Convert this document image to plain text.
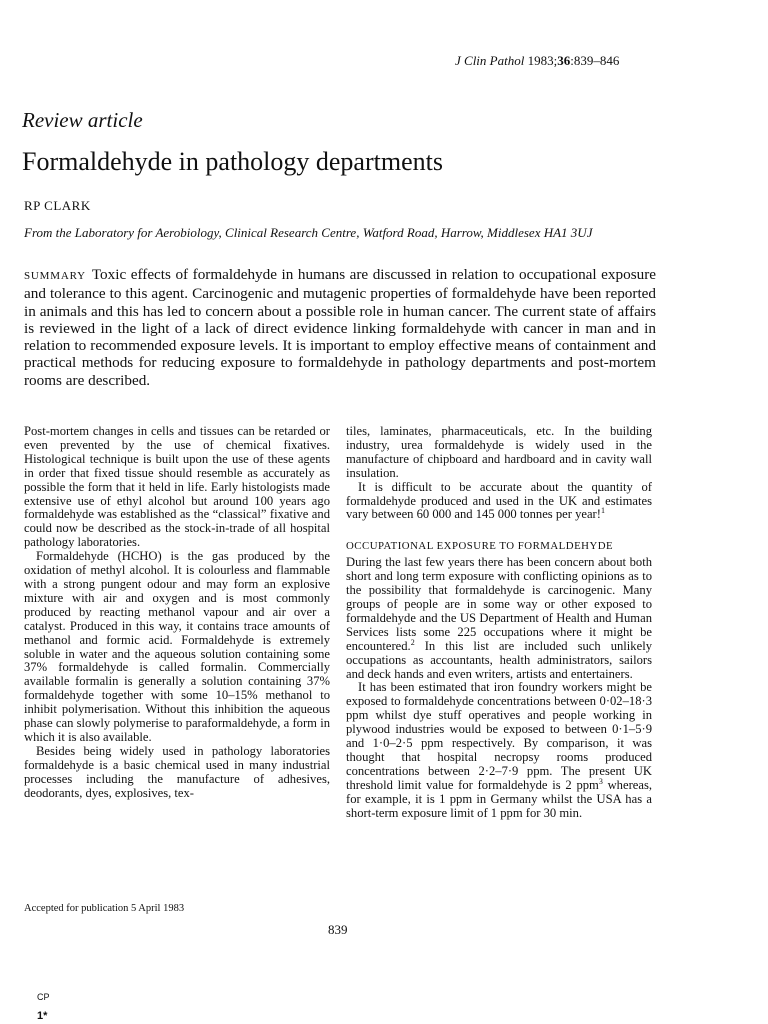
J Clin Pathol 1983;36:839–846
Review article
Formaldehyde in pathology departments
RP CLARK
From the Laboratory for Aerobiology, Clinical Research Centre, Watford Road, Harrow, Middlesex HA1 3UJ
SUMMARY Toxic effects of formaldehyde in humans are discussed in relation to occupational exposure and tolerance to this agent. Carcinogenic and mutagenic properties of formaldehyde have been reported in animals and this has led to concern about a possible role in human cancer. The current state of affairs is reviewed in the light of a lack of direct evidence linking formaldehyde with cancer in man and in relation to recommended exposure levels. It is important to employ effective means of containment and practical methods for reducing exposure to formaldehyde in pathology departments and post-mortem rooms are described.

Post-mortem changes in cells and tissues can be retarded or even prevented by the use of chemical fixatives. Histological technique is built upon the use of these agents in order that fixed tissue should resemble as accurately as possible the form that it held in life. Early histologists made extensive use of ethyl alcohol but around 100 years ago formaldehyde was established as the “classical” fixative and could now be described as the stock-in-trade of all hospital pathology laboratories.

Formaldehyde (HCHO) is the gas produced by the oxidation of methyl alcohol. It is colourless and flammable with a strong pungent odour and may form an explosive mixture with air and oxygen and is most commonly produced by reacting methanol vapour and air over a catalyst. Produced in this way, it contains trace amounts of methanol and formic acid. Formaldehyde is extremely soluble in water and the aqueous solution containing some 37% formaldehyde is called formalin. Commercially available formalin is generally a solution containing 37% formaldehyde together with some 10–15% methanol to inhibit polymerisation. Without this inhibition the aqueous phase can slowly polymerise to paraformaldehyde, a form in which it is also available.

Besides being widely used in pathology laboratories formaldehyde is a basic chemical used in many industrial processes including the manufacture of adhesives, deodorants, dyes, explosives, tex-

tiles, laminates, pharmaceuticals, etc. In the building industry, urea formaldehyde is widely used in the manufacture of chipboard and hardboard and in cavity wall insulation.

It is difficult to be accurate about the quantity of formaldehyde produced and used in the UK and estimates vary between 60 000 and 145 000 tonnes per year!$^1$

OCCUPATIONAL EXPOSURE TO FORMALDEHYDE

During the last few years there has been concern about both short and long term exposure with conflicting opinions as to the possibility that formaldehyde is carcinogenic. Many groups of people are in some way or other exposed to formaldehyde and the US Department of Health and Human Services lists some 225 occupations where it might be encountered.$^2$ In this list are included such unlikely occupations as accountants, health administrators, sailors and deck hands and even writers, artists and entertainers.

It has been estimated that iron foundry workers might be exposed to formaldehyde concentrations between 0·02–18·3 ppm whilst dye stuff operatives and people working in plywood industries would be exposed to between 0·1–5·9 and 1·0–2·5 ppm respectively. By comparison, it was thought that hospital necropsy rooms produced concentrations between 2·2–7·9 ppm. The present UK threshold limit value for formaldehyde is 2 ppm$^3$ whereas, for example, it is 1 ppm in Germany whilst the USA has a short-term exposure limit of 1 ppm for 30 min.

Accepted for publication 5 April 1983
839
CP
1*
